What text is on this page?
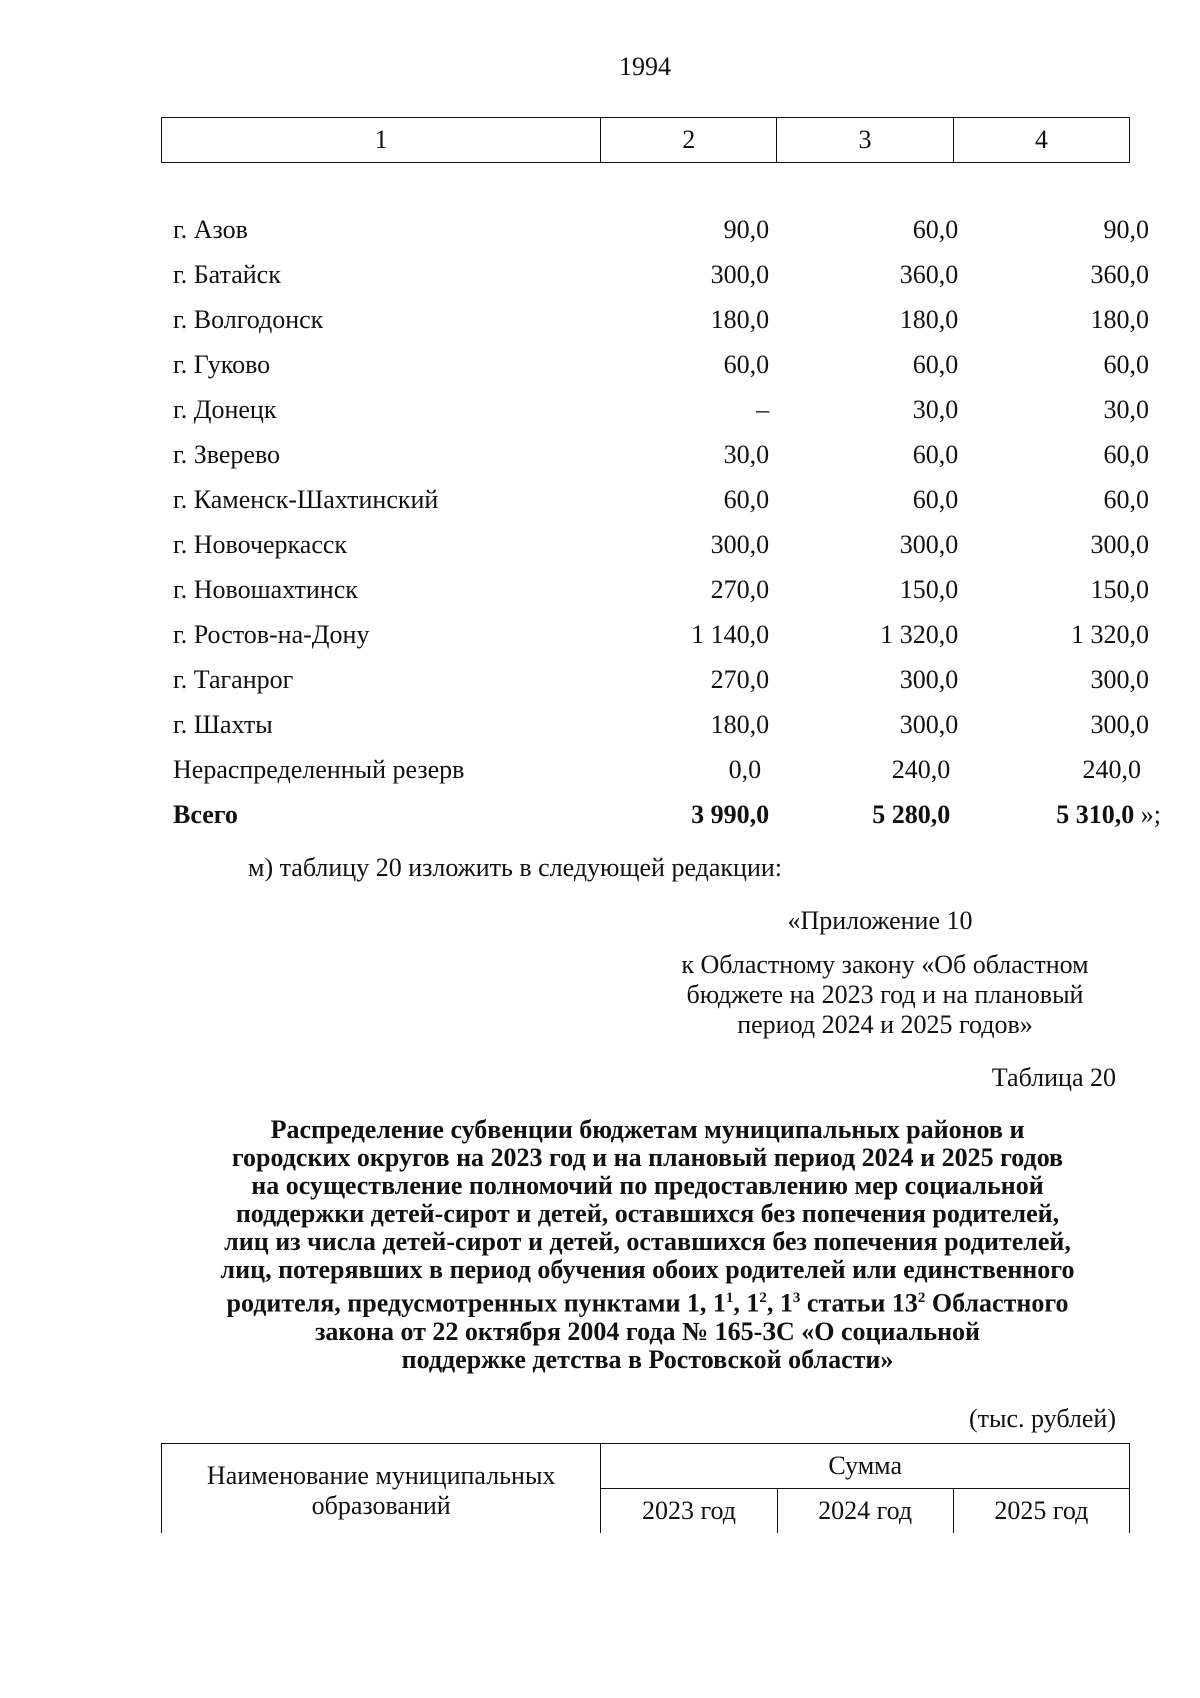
1994
1	2	3	4
г. Азов	90,0	60,0	90,0
г. Батайск	300,0	360,0	360,0
г. Волгодонск	180,0	180,0	180,0
г. Гуково	60,0	60,0	60,0
г. Донецк	–	30,0	30,0
г. Зверево	30,0	60,0	60,0
г. Каменск-Шахтинский	60,0	60,0	60,0
г. Новочеркасск	300,0	300,0	300,0
г. Новошахтинск	270,0	150,0	150,0
г. Ростов-на-Дону	1 140,0	1 320,0	1 320,0
г. Таганрог	270,0	300,0	300,0
г. Шахты	180,0	300,0	300,0
Нераспределенный резерв	0,0	240,0	240,0
Всего	3 990,0	5 280,0	5 310,0 »;
м) таблицу 20 изложить в следующей редакции:
«Приложение 10
к Областному закону «Об областном
бюджете на 2023 год и на плановый
период 2024 и 2025 годов»
Таблица 20
Распределение субвенции бюджетам муниципальных районов и
городских округов на 2023 год и на плановый период 2024 и 2025 годов
на осуществление полномочий по предоставлению мер социальной
поддержки детей-сирот и детей, оставшихся без попечения родителей,
лиц из числа детей-сирот и детей, оставшихся без попечения родителей,
лиц, потерявших в период обучения обоих родителей или единственного
родителя, предусмотренных пунктами 1, $1^1$, $1^2$, $1^3$ статьи $13^2$ Областного
закона от 22 октября 2004 года № 165-ЗС «О социальной
поддержке детства в Ростовской области»
(тыс. рублей)
Наименование муниципальных
образований	Сумма		
	2023 год	2024 год	2025 год
